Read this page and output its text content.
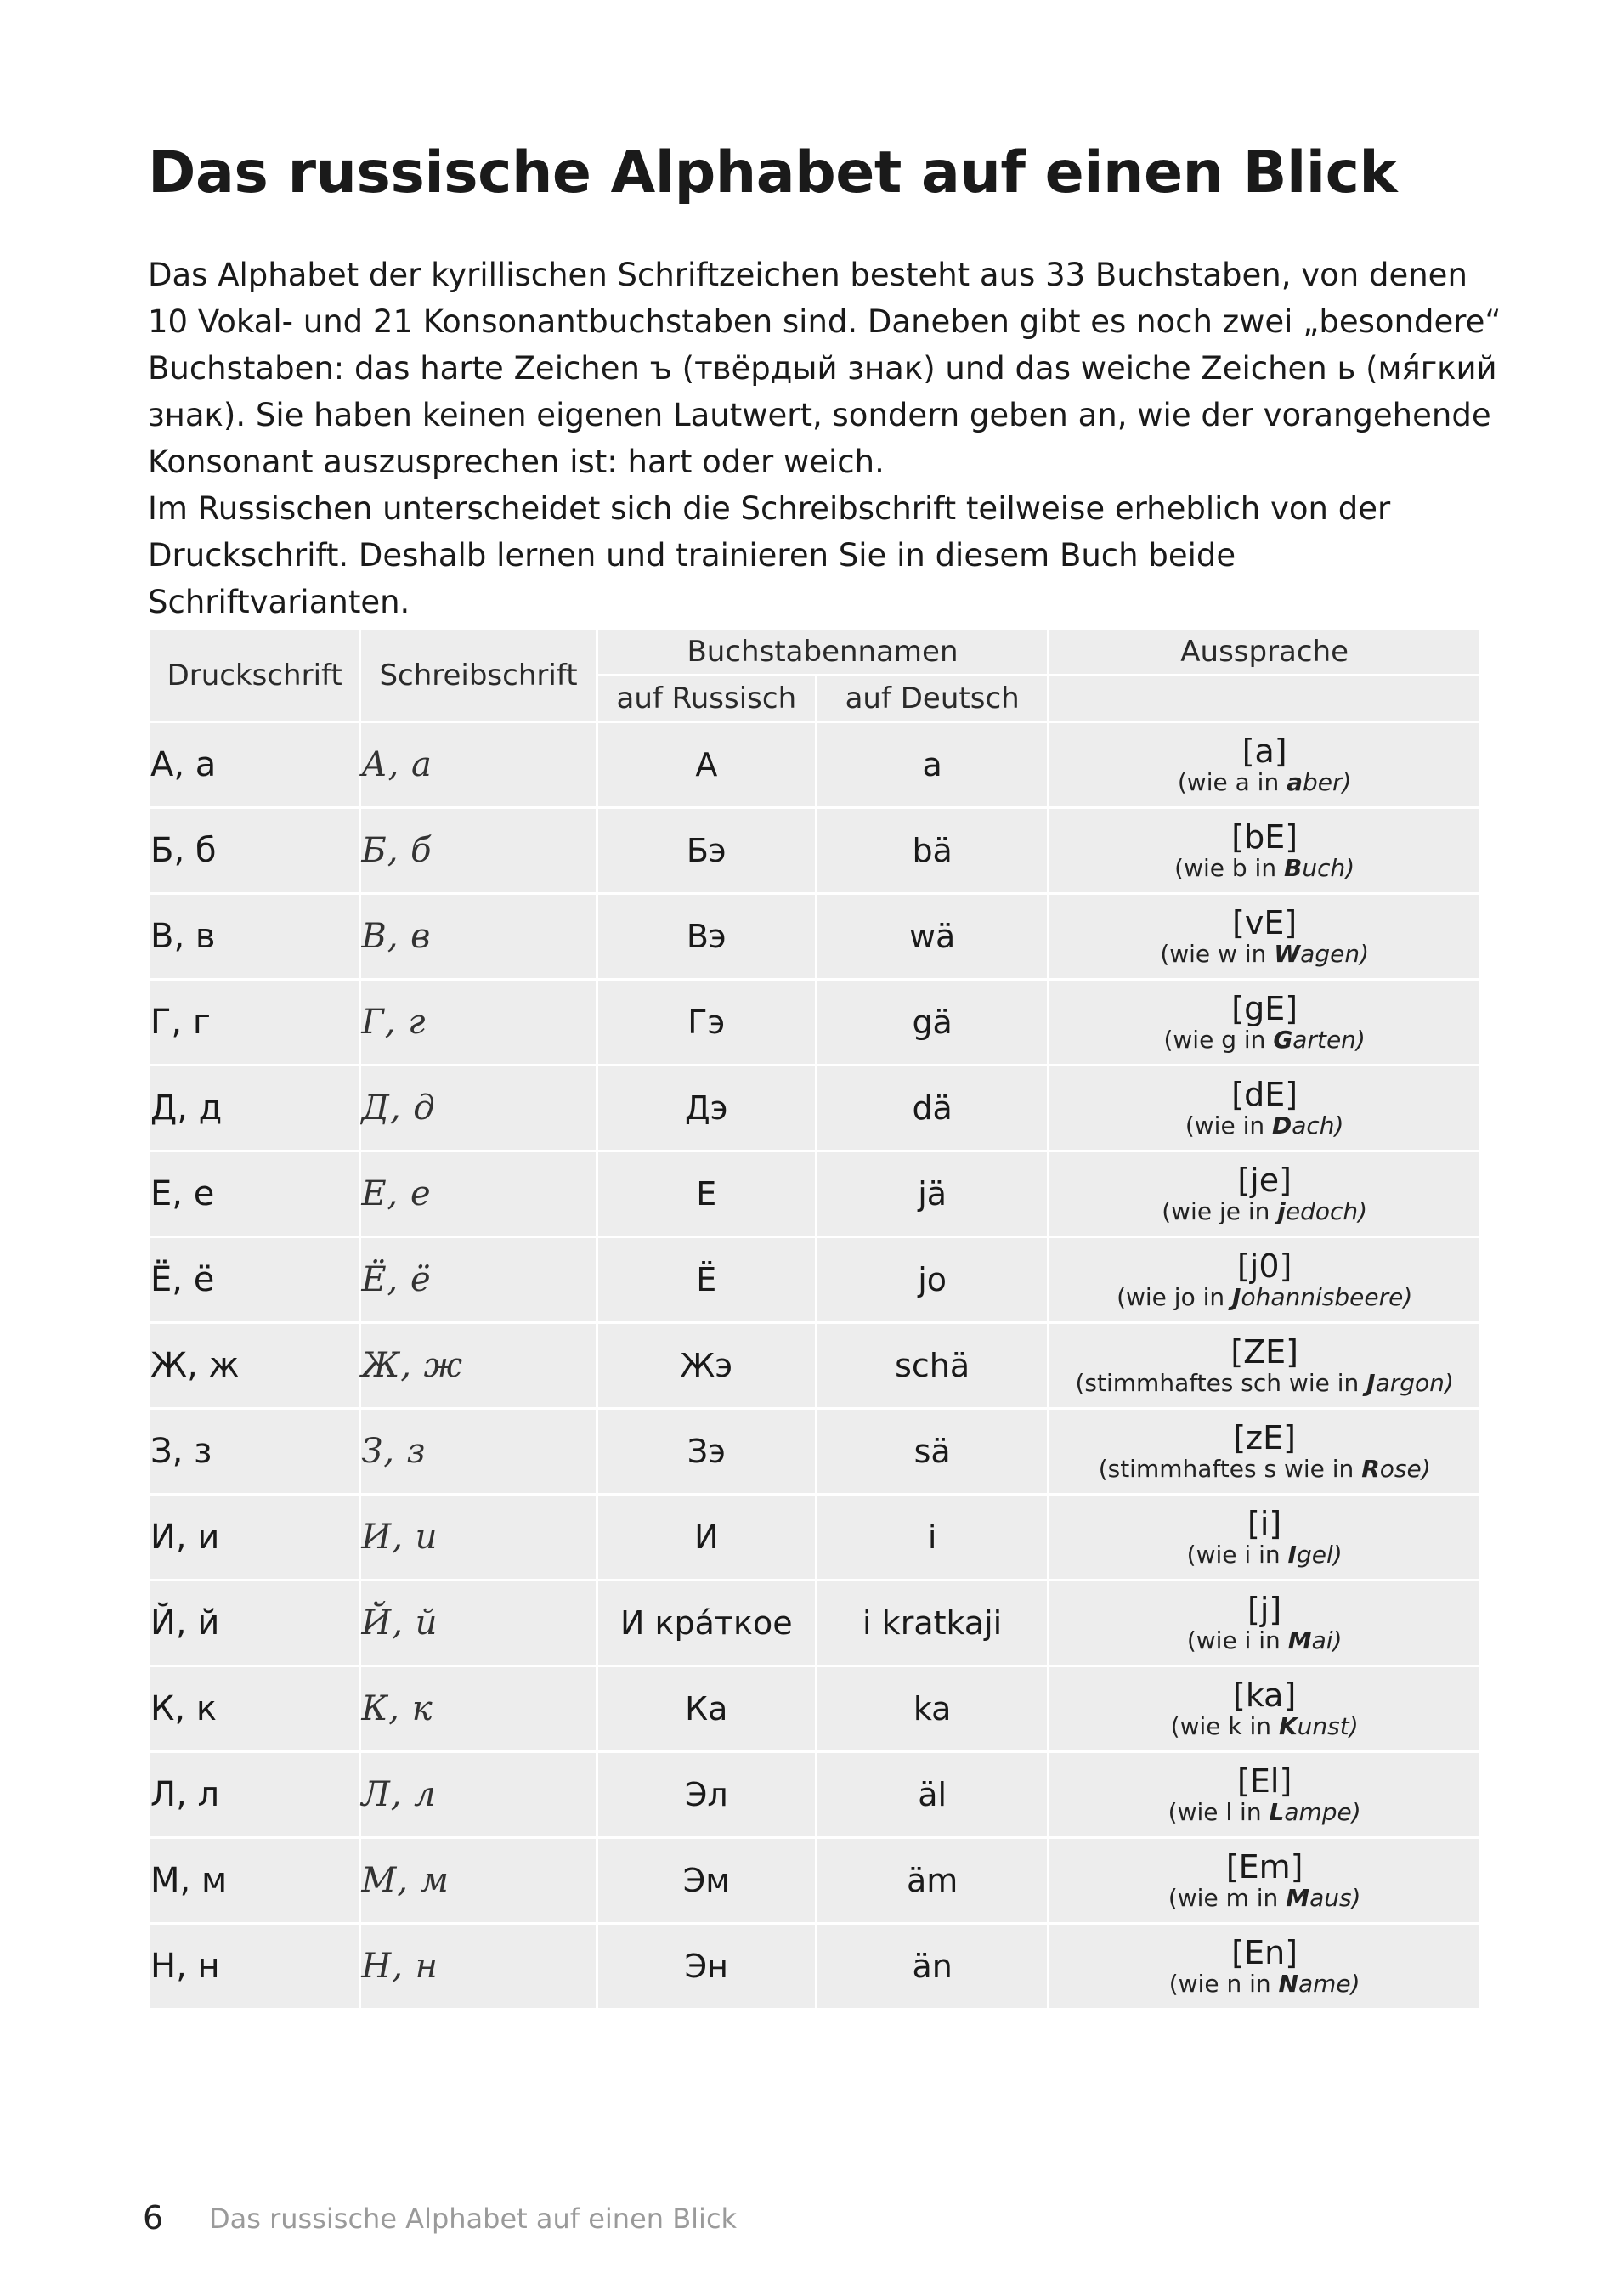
Das russische Alphabet auf einen Blick

Das Alphabet der kyrillischen Schriftzeichen besteht aus 33 Buchstaben, von denen 10 Vokal- und 21 Konsonantbuchstaben sind. Daneben gibt es noch zwei „besondere“ Buchstaben: das harte Zeichen ъ (твёрдый знак) und das weiche Zeichen ь (мя́гкий знак). Sie haben keinen eigenen Lautwert, sondern geben an, wie der vorangehende Konsonant auszusprechen ist: hart oder weich.

Im Russischen unterscheidet sich die Schreibschrift teilweise erheblich von der Druckschrift. Deshalb lernen und trainieren Sie in diesem Buch beide Schriftvarianten.

Druckschrift	Schreibschrift	Buchstabennamen		Aussprache
		auf Russisch	auf Deutsch	
А, а	А, а	А	a	[a]
(wie a in aber)

Б, б	Б, б	Бэ	bä	[bE]
(wie b in Buch)

В, в	В, в	Вэ	wä	[vE]
(wie w in Wagen)

Г, г	Г, г	Гэ	gä	[gE]
(wie g in Garten)

Д, д	Д, д	Дэ	dä	[dE]
(wie in Dach)

Е, е	Е, е	Е	jä	[je]
(wie je in jedoch)

Ё, ё	Ё, ё	Ё	jo	[j0]
(wie jo in Johannisbeere)

Ж, ж	Ж, ж	Жэ	schä	[ZE]
(stimmhaftes sch wie in Jargon)

З, з	З, з	Зэ	sä	[zE]
(stimmhaftes s wie in Rose)

И, и	И, и	И	i	[i]
(wie i in Igel)

Й, й	Й, й	И кра́ткое	i kratkaji	[j]
(wie i in Mai)

К, к	К, к	Ка	ka	[ka]
(wie k in Kunst)

Л, л	Л, л	Эл	äl	[El]
(wie l in Lampe)

М, м	М, м	Эм	äm	[Em]
(wie m in Maus)

Н, н	Н, н	Эн	än	[En]
(wie n in Name)
6 Das russische Alphabet auf einen Blick
